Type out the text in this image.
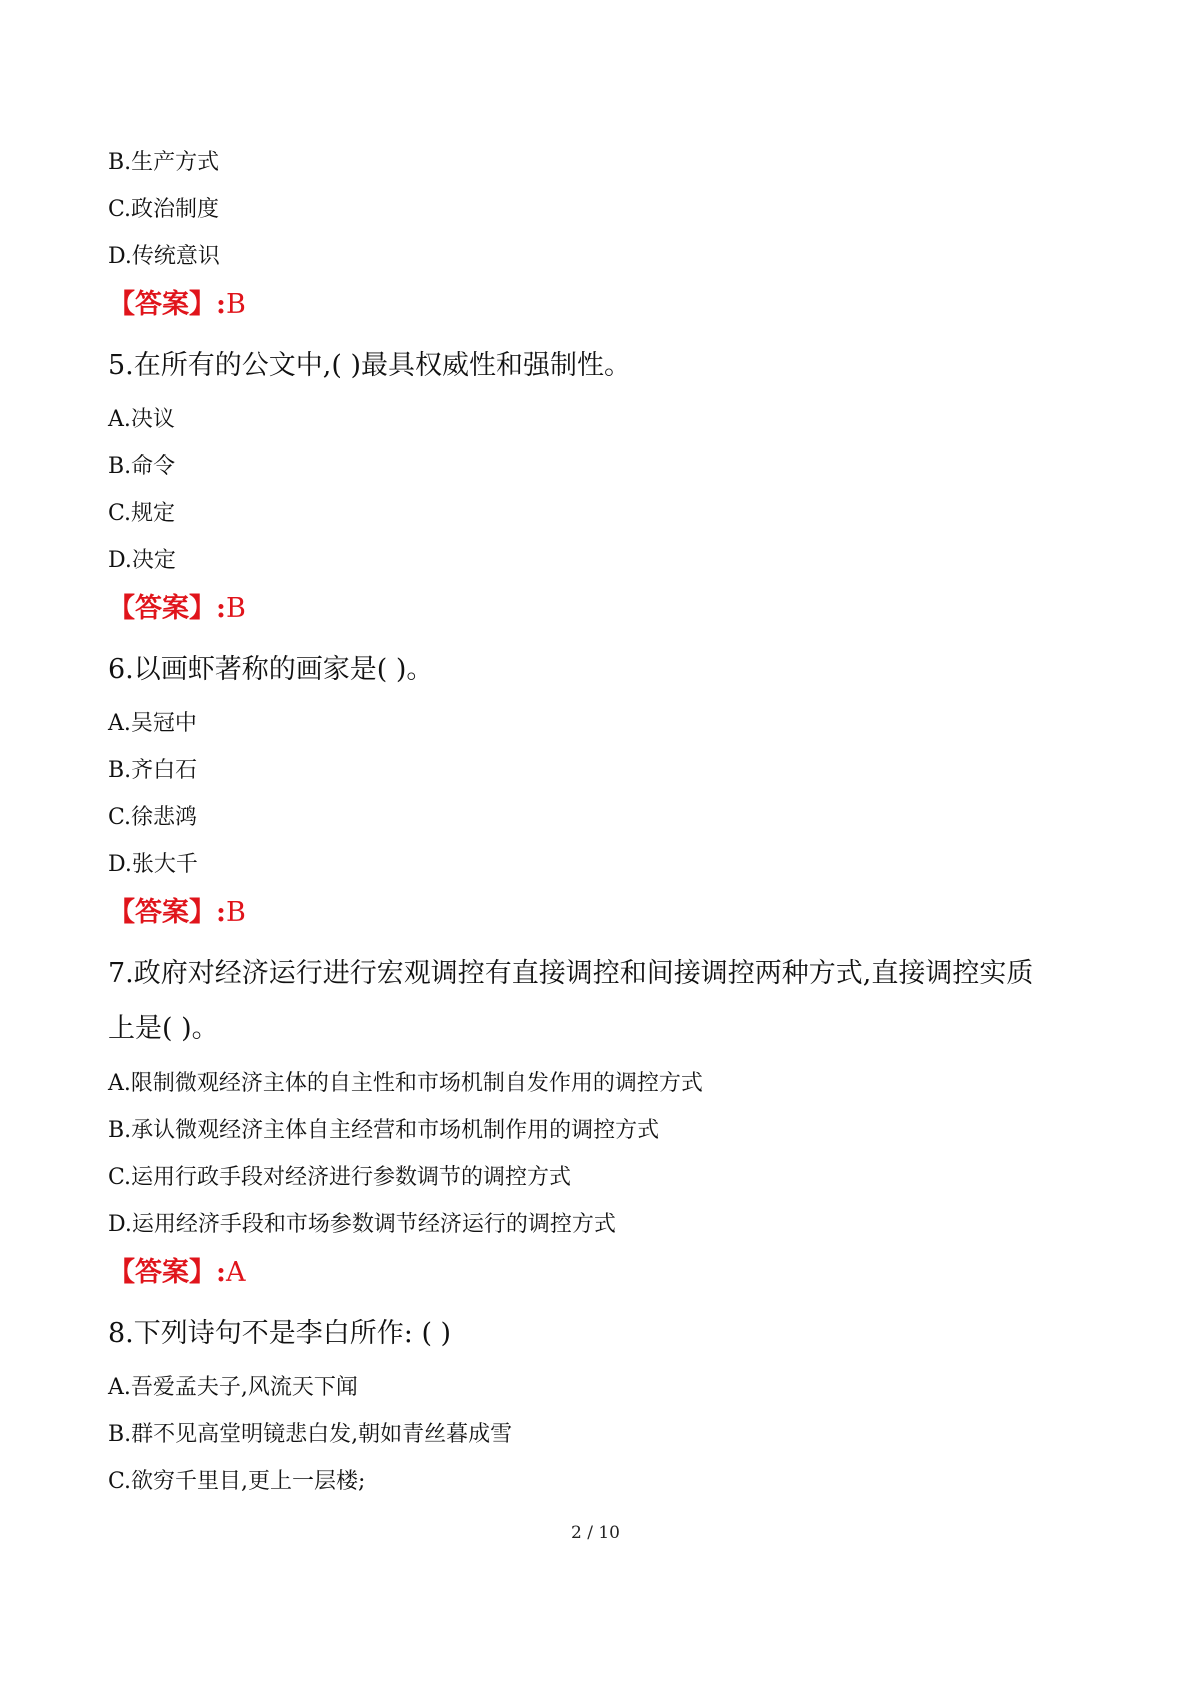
B.生产方式
C.政治制度
D.传统意识
【答案】:B
5.在所有的公文中,( )最具权威性和强制性。
A.决议
B.命令
C.规定
D.决定
【答案】:B
6.以画虾著称的画家是( )。
A.吴冠中
B.齐白石
C.徐悲鸿
D.张大千
【答案】:B
7.政府对经济运行进行宏观调控有直接调控和间接调控两种方式,直接调控实质
上是( )。
A.限制微观经济主体的自主性和市场机制自发作用的调控方式
B.承认微观经济主体自主经营和市场机制作用的调控方式
C.运用行政手段对经济进行参数调节的调控方式
D.运用经济手段和市场参数调节经济运行的调控方式
【答案】:A
8.下列诗句不是李白所作: ( )
A.吾爱孟夫子,风流天下闻
B.群不见高堂明镜悲白发,朝如青丝暮成雪
C.欲穷千里目,更上一层楼;
2 / 10
